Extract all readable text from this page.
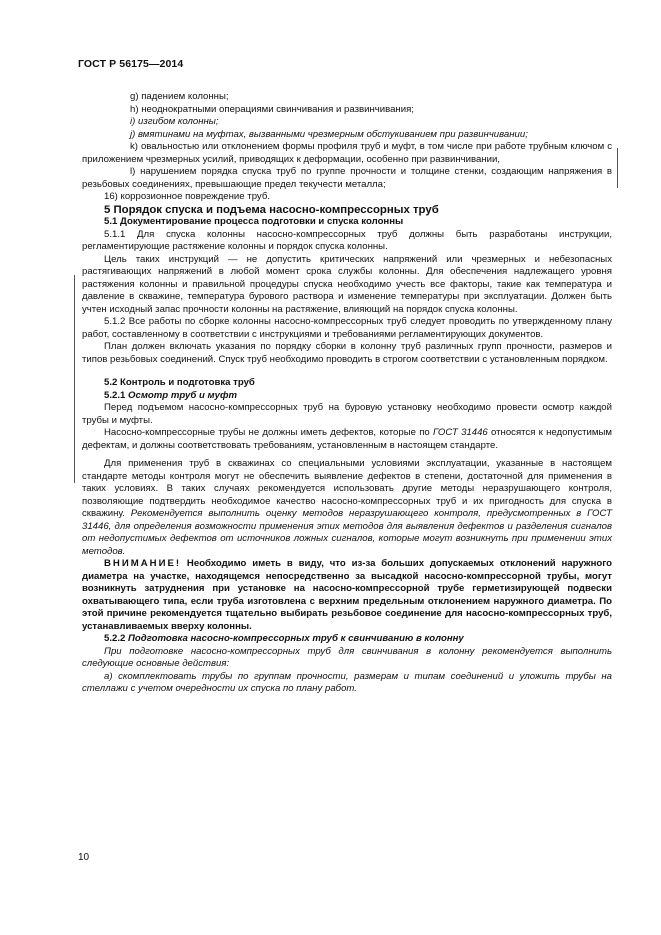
ГОСТ Р 56175—2014

g) падением колонны;

h) неоднократными операциями свинчивания и развинчивания;

i) изгибом колонны;

j) вмятинами на муфтах, вызванными чрезмерным обстукиванием при развинчивании;

k) овальностью или отклонением формы профиля труб и муфт, в том числе при работе трубным ключом с приложением чрезмерных усилий, приводящих к деформации, особенно при развинчивании,

l) нарушением порядка спуска труб по группе прочности и толщине стенки, создающим напряжения в резьбовых соединениях, превышающие предел текучести металла;

16) коррозионное повреждение труб.

5 Порядок спуска и подъема насосно-компрессорных труб

5.1 Документирование процесса подготовки и спуска колонны

5.1.1 Для спуска колонны насосно-компрессорных труб должны быть разработаны инструкции, регламентирующие растяжение колонны и порядок спуска колонны.

Цель таких инструкций — не допустить критических напряжений или чрезмерных и небезопасных растягивающих напряжений в любой момент срока службы колонны. Для обеспечения надлежащего уровня растяжения колонны и правильной процедуры спуска необходимо учесть все факторы, такие как температура и давление в скважине, температура бурового раствора и изменение температуры при эксплуатации. Должен быть учтен исходный запас прочности колонны на растяжение, влияющий на порядок спуска колонны.

5.1.2 Все работы по сборке колонны насосно-компрессорных труб следует проводить по утвержденному плану работ, составленному в соответствии с инструкциями и требованиями регламентирующих документов.

План должен включать указания по порядку сборки в колонну труб различных групп прочности, размеров и типов резьбовых соединений. Спуск труб необходимо проводить в строгом соответствии с установленным порядком.

5.2 Контроль и подготовка труб

5.2.1 Осмотр труб и муфт

Перед подъемом насосно-компрессорных труб на буровую установку необходимо провести осмотр каждой трубы и муфты.

Насосно-компрессорные трубы не должны иметь дефектов, которые по ГОСТ 31446 относятся к недопустимым дефектам, и должны соответствовать требованиям, установленным в настоящем стандарте.

Для применения труб в скважинах со специальными условиями эксплуатации, указанные в настоящем стандарте методы контроля могут не обеспечить выявление дефектов в степени, достаточной для применения в таких условиях. В таких случаях рекомендуется использовать другие методы неразрушающего контроля, позволяющие подтвердить необходимое качество насосно-компрессорных труб и их пригодность для спуска в скважину. Рекомендуется выполнить оценку методов неразрушающего контроля, предусмотренных в ГОСТ 31446, для определения возможности применения этих методов для выявления дефектов и разделения сигналов от недопустимых дефектов от источников ложных сигналов, которые могут возникнуть при применении этих методов.

ВНИМАНИЕ! Необходимо иметь в виду, что из-за больших допускаемых отклонений наружного диаметра на участке, находящемся непосредственно за высадкой насосно-компрессорной трубы, могут возникнуть затруднения при установке на насосно-компрессорной трубе герметизирующей подвески охватывающего типа, если труба изготовлена с верхним предельным отклонением наружного диаметра. По этой причине рекомендуется тщательно выбирать резьбовое соединение для насосно-компрессорных труб, устанавливаемых вверху колонны.

5.2.2 Подготовка насосно-компрессорных труб к свинчиванию в колонну

При подготовке насосно-компрессорных труб для свинчивания в колонну рекомендуется выполнить следующие основные действия:

а) скомплектовать трубы по группам прочности, размерам и типам соединений и уложить трубы на стеллажи с учетом очередности их спуска по плану работ.

10
